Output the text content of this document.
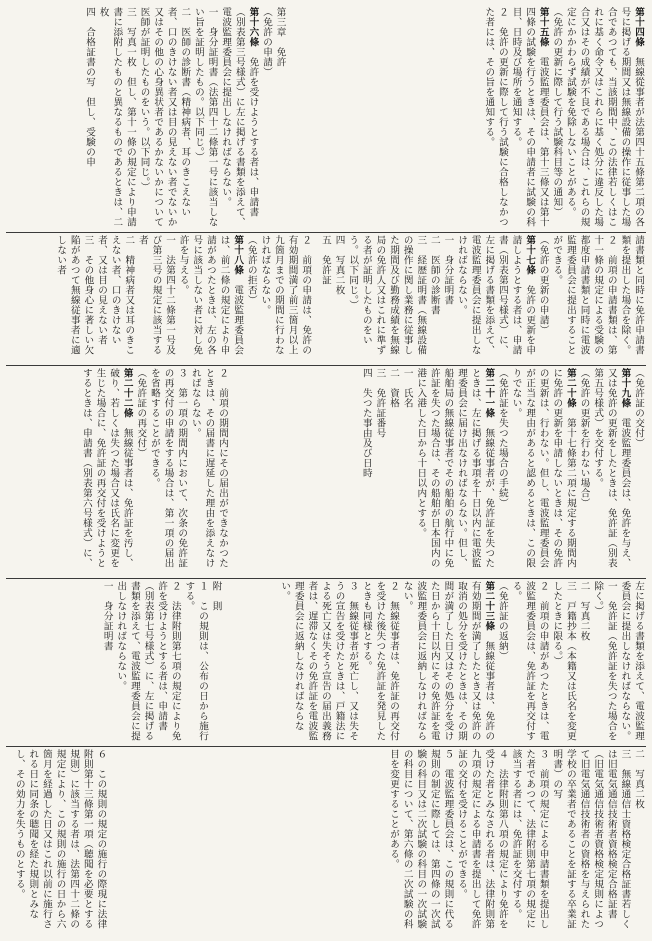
第十四條　無線從事者が法第四十五條第二項の各号に掲げる期間又は無線設備の操作に従事した場合であつても、当該期間中、この法律若しくはこれに基く命令又はこれらに基く処分に違反した場合又はその成績が不良である場合は、これらの規定にかかわらず試験を免除しないことがある。
（免許の更新に際して行う試験科目等の通知）
第十五條　電波監理委員会は、第十三條又は第十四條の試験を行うときは、その申請者に試験の科目、日時及び場所を通知する。
２　免許の更新に際して行う試験に合格しなかつた者には、その旨を通知する。
第三章　免許
（免許の申請）
第十六條　免許を受けようとする者は、申請書（別表第三号様式）に左に掲げる書類を添えて、電波監理委員会に提出しなければならない。
一　身分証明書（法第四十二條第一号に該当しない旨を証明したもの。以下同じ。）
二　医師の診断書（精神病者、耳のきこえない者、口のきけない者又は目の見えない者でないか又はその他の心身異状者であるかないかについて医師が証明したものをいう。以下同じ。）
三　写真一枚　但し、第十一條の規定により申請書に添附したものと異なるものであるときは、二枚
四　合格証書の写　但し、受験の申
請書類と同時に免許申請書類を提出した場合を除く。
２　前項の申請書類は、第十一條の規定による受験の都度申請書類と同時に電波監理委員会に提出することができる。
（免許の更新の申請）
第十七條　免許の更新を申請しようとする者は、申請書（別表第四号様式）に、左に掲げる書類を添えて、電波監理委員会に提出しなければならない。
一　身分証明書
二　医師の診断書
三　経歴証明書（無線設備の操作に関し業務に従事した期間及び勤務成績を無線局の免許人又はこれに準ずる者が証明したものをいう。以下同じ。）
四　写真二枚
五　免許証
２　前項の申請は、免許の有効期間満了前三箇月以上九箇月までの期間に行わなければならない。
（免許の拒否）
第十八條　電波監理委員会は、前二條の規定により申請があつたときは、左の各号に該当しない者に対し免許を与える。
一　法第四十二條第一号及び第三号の規定に該当する者
二　精神病者又は耳のきこえない者、口のきけない者、又は目の見えない者
三　その他身心に著しい欠陥があつて無線従事者に適しない者
（免許証の交付）
第十九條　電波監理委員会は、免許を与え、又は免許の更新をしたときは、免許証（別表第五号様式）を交付する。
（免許の更新を行わない場合）
第二十條　第十七條第二項に規定する期間内に免許の更新を申請しないときは、その免許の更新は、行わない。但し、電波監理委員会が正当な理由があると認めるときは、この限りでない。
（免許証を失つた場合の手続）
第二十一條　無線従事者が、免許証を失つたときは、左に掲げる事項を十日以内に電波監理委員会に届け出なければならない。但し、船舶局の無線従事者でその船舶の航行中に免許証を失つた場合は、その船舶が日本国内の港に入港した日から十日以内とする。
一　氏名
二　資格
三　免許証番号
四　失つた事由及び日時
２　前項の期間内にその届出ができなかつたときは、その届書に遅延した理由を添えなければならない。
３　第一項の期間内において、次条の免許証の再交付の申請をする場合は、第一項の届出を省略することができる。
（免許証の再交付）
第二十二條　無線従事者は、免許証を汚し、破り、若しくは失つた場合又は氏名に変更を生じた場合に、免許証の再交付を受けようとするときは、申請書（別表第六号様式）に、
左に掲げる書類を添えて、電波監理委員会に提出しなければならない。
一　免許証（免許証を失つた場合を除く。）
二　写真二枚
三　戸籍抄本（本籍又は氏名を変更したときに限る。）
２　前項の申請があつたときは、電波監理委員会は、免許証を再交付する。
（免許証の返納）
第二十三條　無線従事者は、免許の有効期間が満了したとき又は免許の取消の処分を受けたときは、その期間が満了した日又はその処分を受けた日から十日以内にその免許証を電波監理委員会に返納しなければならない。
２　無線従事者は、免許証の再交付を受けた後失つた免許証を発見したときも同様とする。
３　無線従事者が死亡し、又は失そうの宣告を受けたときは、戸籍法による死亡又は失そう宣告の届出義務者は、遅滞なくその免許証を電波監理委員会に返納しなければならない。
附　則
１　この規則は、公布の日から施行する。
２　法律附則第七項の規定により免許を受けようとする者は、申請書（別表第七号様式）に、左に掲げる書類を添えて、電波監理委員会に提出しなければならない。
一　身分証明書
二　写真二枚
三　無線通信士資格検定合格証書若しくは旧電気通信技術者資格検定合格証書（旧電気通信技術者資格検定規則によつて旧電気通信技術者の資格を与えられた学校の卒業者であることを証する卒業証明書）の写
３　前項の規定による申請書類を提出した者であつて、法律附則第七項の規定に該当する者には、免許証を交付する。
４　法律附則第八項の規定により免許を受けた者とみなされる者は、法律附則第九項の規定による申請書を提出して免許証の交付を受けることができる。
５　電波監理委員会は、この規則に代る規則の制定に際しては、第四條の一次試験の科目又は二次試験の科目の一次試験の科目について、第六條の二次試験の科目を変更することがある。
６　この規則の規定の施行の際現に法律附則第十三條第一項（聴聞を必要とする規則）に該当する者は、法第四十二條の規定により、この規則の施行の日から六箇月を経過した日又はこれ以前に施行される日に同条の聴聞を経た規則とみなし、その効力を失うものとする。
